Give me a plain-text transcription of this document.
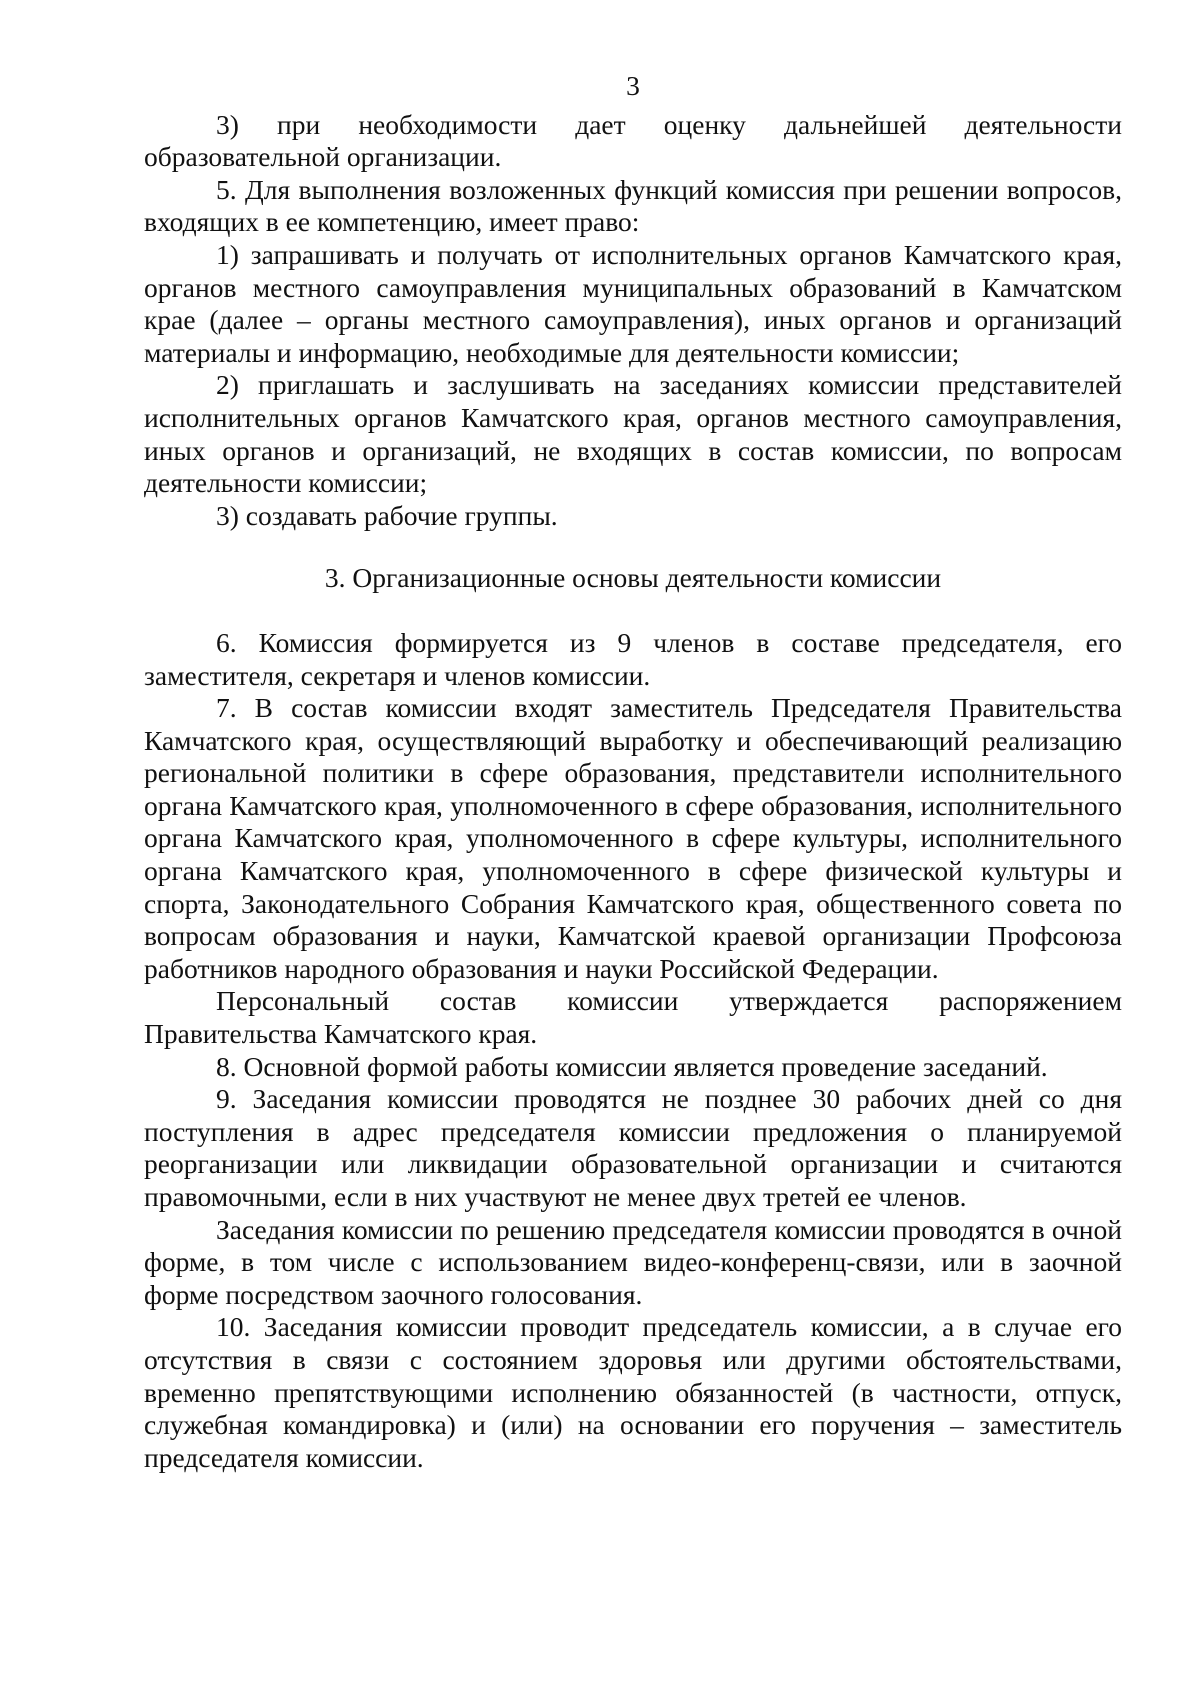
3

3) при необходимости дает оценку дальнейшей деятельности образовательной организации.

5. Для выполнения возложенных функций комиссия при решении вопросов, входящих в ее компетенцию, имеет право:

1) запрашивать и получать от исполнительных органов Камчатского края, органов местного самоуправления муниципальных образований в Камчатском крае (далее – органы местного самоуправления), иных органов и организаций материалы и информацию, необходимые для деятельности комиссии;

2) приглашать и заслушивать на заседаниях комиссии представителей исполнительных органов Камчатского края, органов местного самоуправления, иных органов и организаций, не входящих в состав комиссии, по вопросам деятельности комиссии;

3) создавать рабочие группы.

3. Организационные основы деятельности комиссии

6. Комиссия формируется из 9 членов в составе председателя, его заместителя, секретаря и членов комиссии.

7. В состав комиссии входят заместитель Председателя Правительства Камчатского края, осуществляющий выработку и обеспечивающий реализацию региональной политики в сфере образования, представители исполнительного органа Камчатского края, уполномоченного в сфере образования, исполнительного органа Камчатского края, уполномоченного в сфере культуры, исполнительного органа Камчатского края, уполномоченного в сфере физической культуры и спорта, Законодательного Собрания Камчатского края, общественного совета по вопросам образования и науки, Камчатской краевой организации Профсоюза работников народного образования и науки Российской Федерации.

Персональный состав комиссии утверждается распоряжением Правительства Камчатского края.

8. Основной формой работы комиссии является проведение заседаний.

9. Заседания комиссии проводятся не позднее 30 рабочих дней со дня поступления в адрес председателя комиссии предложения о планируемой реорганизации или ликвидации образовательной организации и считаются правомочными, если в них участвуют не менее двух третей ее членов.

Заседания комиссии по решению председателя комиссии проводятся в очной форме, в том числе с использованием видео-конференц-связи, или в заочной форме посредством заочного голосования.

10. Заседания комиссии проводит председатель комиссии, а в случае его отсутствия в связи с состоянием здоровья или другими обстоятельствами, временно препятствующими исполнению обязанностей (в частности, отпуск, служебная командировка) и (или) на основании его поручения – заместитель председателя комиссии.
